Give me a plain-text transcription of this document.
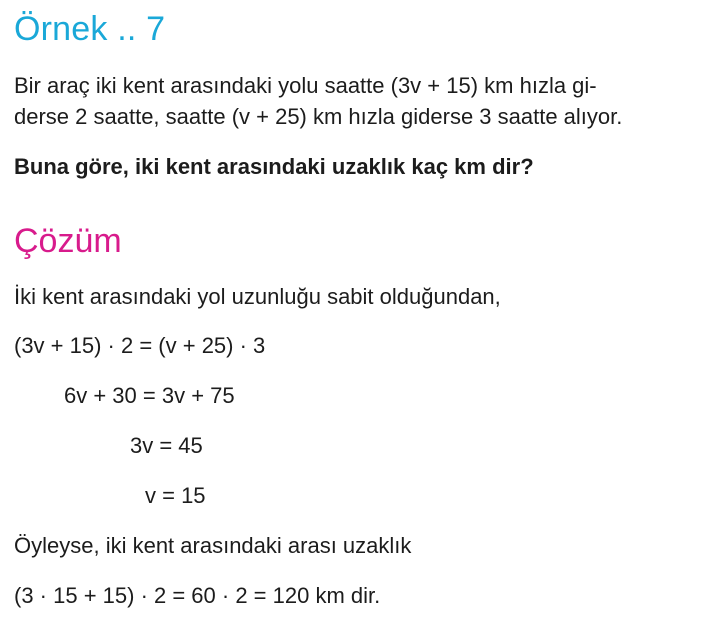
Örnek .. 7
Bir araç iki kent arasındaki yolu saatte (3v + 15) km hızla gi-
derse 2 saatte, saatte (v + 25) km hızla giderse 3 saatte alıyor.
Buna göre, iki kent arasındaki uzaklık kaç km dir?
Çözüm
İki kent arasındaki yol uzunluğu sabit olduğundan,
(3v + 15) · 2 = (v + 25) · 3
6v + 30 = 3v + 75
3v = 45
v = 15
Öyleyse, iki kent arasındaki arası uzaklık
(3 · 15 + 15) · 2 = 60 · 2 = 120 km dir.
